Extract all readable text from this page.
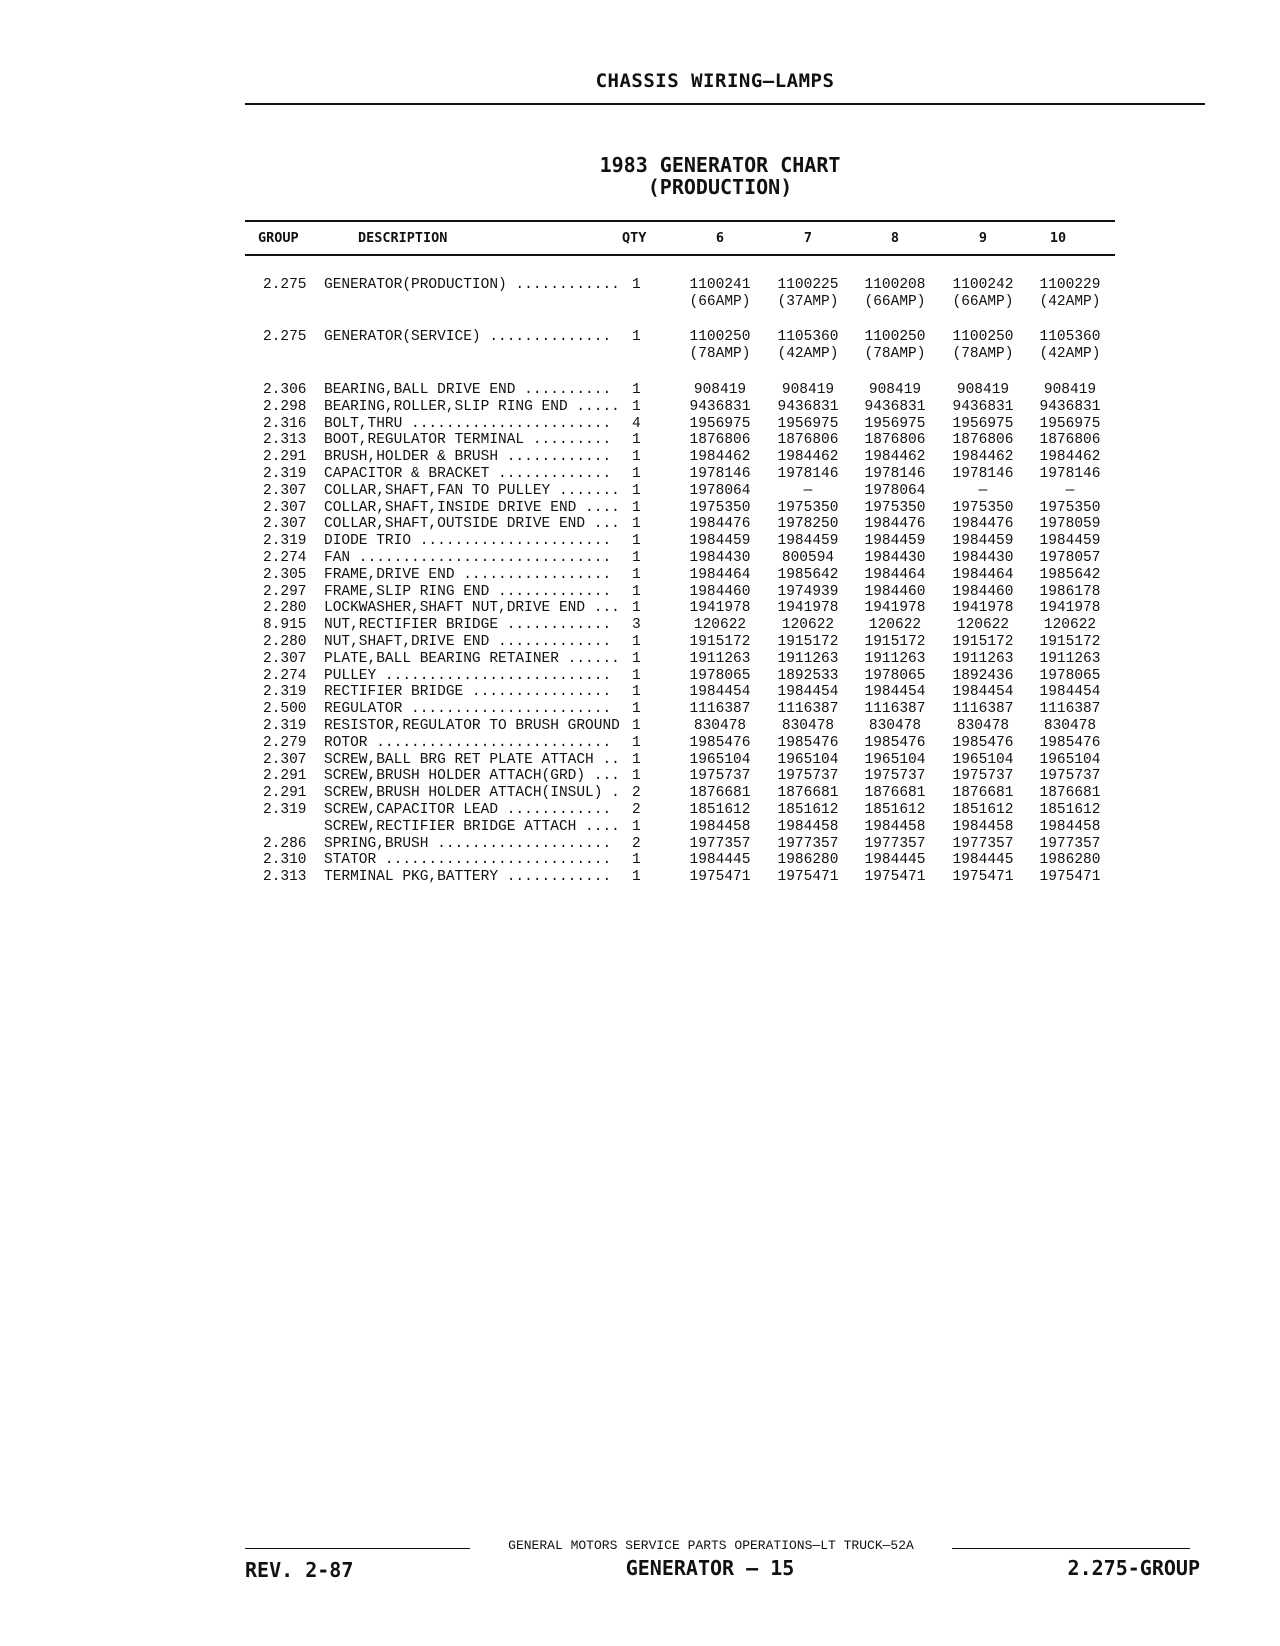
CHASSIS WIRING—LAMPS
1983 GENERATOR CHART
(PRODUCTION)
GROUP	DESCRIPTION	QTY	6	7	8	9	10
2.275 GENERATOR(PRODUCTION) ............ 1	1100241	1100225	1100208	1100242	1100229
(66AMP)	(37AMP)	(66AMP)	(66AMP)	(42AMP)
2.275 GENERATOR(SERVICE) .............. 1	1100250	1105360	1100250	1100250	1105360
(78AMP)	(42AMP)	(78AMP)	(78AMP)	(42AMP)
2.306 BEARING,BALL DRIVE END .......... 1	908419	908419	908419	908419	908419
2.298 BEARING,ROLLER,SLIP RING END ..... 1	9436831	9436831	9436831	9436831	9436831
2.316 BOLT,THRU ....................... 4	1956975	1956975	1956975	1956975	1956975
2.313 BOOT,REGULATOR TERMINAL ......... 1	1876806	1876806	1876806	1876806	1876806
2.291 BRUSH,HOLDER & BRUSH ............ 1	1984462	1984462	1984462	1984462	1984462
2.319 CAPACITOR & BRACKET ............. 1	1978146	1978146	1978146	1978146	1978146
2.307 COLLAR,SHAFT,FAN TO PULLEY ....... 1	1978064	—	1978064	—	—
2.307 COLLAR,SHAFT,INSIDE DRIVE END .... 1	1975350	1975350	1975350	1975350	1975350
2.307 COLLAR,SHAFT,OUTSIDE DRIVE END ... 1	1984476	1978250	1984476	1984476	1978059
2.319 DIODE TRIO ...................... 1	1984459	1984459	1984459	1984459	1984459
2.274 FAN ............................. 1	1984430	800594	1984430	1984430	1978057
2.305 FRAME,DRIVE END ................. 1	1984464	1985642	1984464	1984464	1985642
2.297 FRAME,SLIP RING END ............. 1	1984460	1974939	1984460	1984460	1986178
2.280 LOCKWASHER,SHAFT NUT,DRIVE END ... 1	1941978	1941978	1941978	1941978	1941978
8.915 NUT,RECTIFIER BRIDGE ............ 3	120622	120622	120622	120622	120622
2.280 NUT,SHAFT,DRIVE END ............. 1	1915172	1915172	1915172	1915172	1915172
2.307 PLATE,BALL BEARING RETAINER ...... 1	1911263	1911263	1911263	1911263	1911263
2.274 PULLEY .......................... 1	1978065	1892533	1978065	1892436	1978065
2.319 RECTIFIER BRIDGE ................ 1	1984454	1984454	1984454	1984454	1984454
2.500 REGULATOR ....................... 1	1116387	1116387	1116387	1116387	1116387
2.319 RESISTOR,REGULATOR TO BRUSH GROUND 1	830478	830478	830478	830478	830478
2.279 ROTOR ........................... 1	1985476	1985476	1985476	1985476	1985476
2.307 SCREW,BALL BRG RET PLATE ATTACH .. 1	1965104	1965104	1965104	1965104	1965104
2.291 SCREW,BRUSH HOLDER ATTACH(GRD) ... 1	1975737	1975737	1975737	1975737	1975737
2.291 SCREW,BRUSH HOLDER ATTACH(INSUL) . 2	1876681	1876681	1876681	1876681	1876681
2.319 SCREW,CAPACITOR LEAD ............ 2	1851612	1851612	1851612	1851612	1851612
SCREW,RECTIFIER BRIDGE ATTACH .... 1	1984458	1984458	1984458	1984458	1984458
2.286 SPRING,BRUSH .................... 2	1977357	1977357	1977357	1977357	1977357
2.310 STATOR .......................... 1	1984445	1986280	1984445	1984445	1986280
2.313 TERMINAL PKG,BATTERY ............ 1	1975471	1975471	1975471	1975471	1975471
GENERAL MOTORS SERVICE PARTS OPERATIONS—LT TRUCK—52A
REV. 2-87	GENERATOR — 15	2.275-GROUP
